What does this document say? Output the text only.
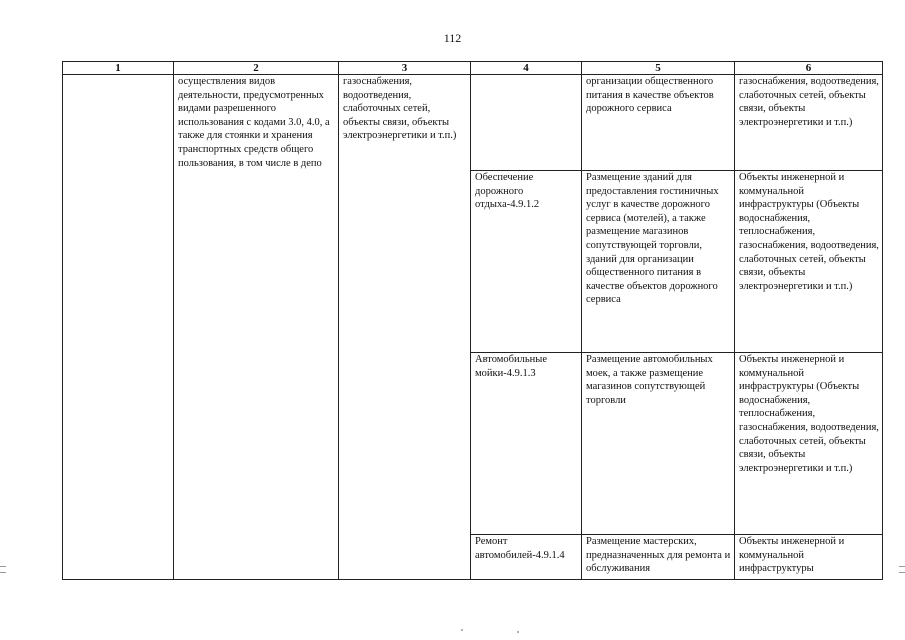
112
1	2	3	4	5	6
	осуществления видов деятельности, предусмотренных видами разрешенного использования с кодами 3.0, 4.0, а также для стоянки и хранения транспортных средств общего пользования, в том числе в депо	газоснабжения, водоотведения, слаботочных сетей, объекты связи, объекты электроэнергетики и т.п.)		организации общественного питания в качестве объектов дорожного сервиса	газоснабжения, водоотведения, слаботочных сетей, объекты связи, объекты электроэнергетики и т.п.)
			Обеспечение дорожного отдыха-4.9.1.2	Размещение зданий для предоставления гостиничных услуг в качестве дорожного сервиса (мотелей), а также размещение магазинов сопутствующей торговли, зданий для организации общественного питания в качестве объектов дорожного сервиса	Объекты инженерной и коммунальной инфраструктуры (Объекты водоснабжения, теплоснабжения, газоснабжения, водоотведения, слаботочных сетей, объекты связи, объекты электроэнергетики и т.п.)
			Автомобильные мойки-4.9.1.3	Размещение автомобильных моек, а также размещение магазинов сопутствующей торговли	Объекты инженерной и коммунальной инфраструктуры (Объекты водоснабжения, теплоснабжения, газоснабжения, водоотведения, слаботочных сетей, объекты связи, объекты электроэнергетики и т.п.)
			Ремонт автомобилей-4.9.1.4	Размещение мастерских, предназначенных для ремонта и обслуживания	Объекты инженерной и коммунальной инфраструктуры
